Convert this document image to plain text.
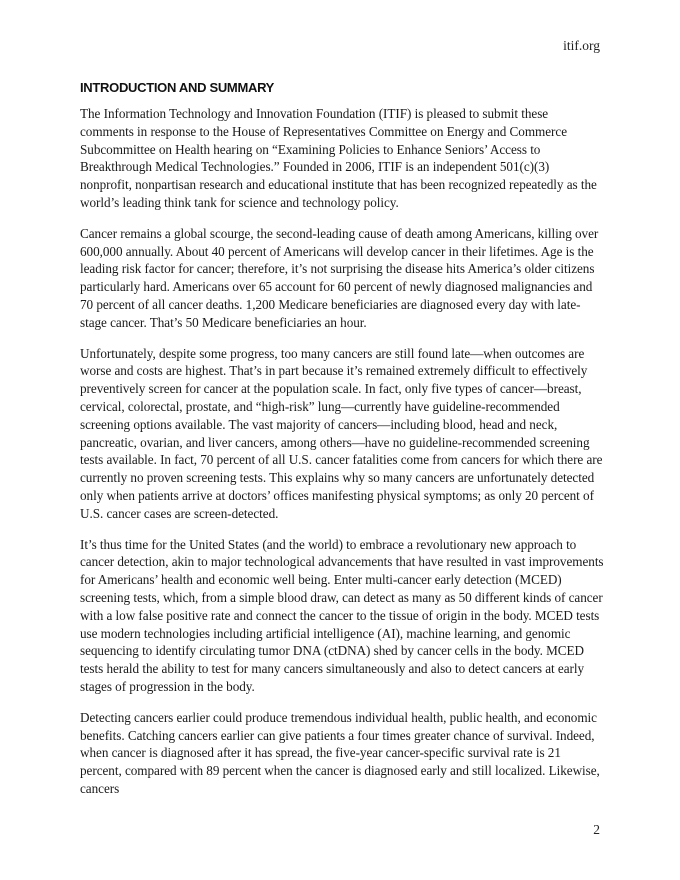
itif.org
INTRODUCTION AND SUMMARY

The Information Technology and Innovation Foundation (ITIF) is pleased to submit these comments in response to the House of Representatives Committee on Energy and Commerce Subcommittee on Health hearing on “Examining Policies to Enhance Seniors’ Access to Breakthrough Medical Technologies.” Founded in 2006, ITIF is an independent 501(c)(3) nonprofit, nonpartisan research and educational institute that has been recognized repeatedly as the world’s leading think tank for science and technology policy.

Cancer remains a global scourge, the second-leading cause of death among Americans, killing over 600,000 annually. About 40 percent of Americans will develop cancer in their lifetimes. Age is the leading risk factor for cancer; therefore, it’s not surprising the disease hits America’s older citizens particularly hard. Americans over 65 account for 60 percent of newly diagnosed malignancies and 70 percent of all cancer deaths. 1,200 Medicare beneficiaries are diagnosed every day with late-stage cancer. That’s 50 Medicare beneficiaries an hour.

Unfortunately, despite some progress, too many cancers are still found late—when outcomes are worse and costs are highest. That’s in part because it’s remained extremely difficult to effectively preventively screen for cancer at the population scale. In fact, only five types of cancer—breast, cervical, colorectal, prostate, and “high-risk” lung—currently have guideline-recommended screening options available. The vast majority of cancers—including blood, head and neck, pancreatic, ovarian, and liver cancers, among others—have no guideline-recommended screening tests available. In fact, 70 percent of all U.S. cancer fatalities come from cancers for which there are currently no proven screening tests. This explains why so many cancers are unfortunately detected only when patients arrive at doctors’ offices manifesting physical symptoms; as only 20 percent of U.S. cancer cases are screen-detected.

It’s thus time for the United States (and the world) to embrace a revolutionary new approach to cancer detection, akin to major technological advancements that have resulted in vast improvements for Americans’ health and economic well being. Enter multi-cancer early detection (MCED) screening tests, which, from a simple blood draw, can detect as many as 50 different kinds of cancer with a low false positive rate and connect the cancer to the tissue of origin in the body. MCED tests use modern technologies including artificial intelligence (AI), machine learning, and genomic sequencing to identify circulating tumor DNA (ctDNA) shed by cancer cells in the body. MCED tests herald the ability to test for many cancers simultaneously and also to detect cancers at early stages of progression in the body.

Detecting cancers earlier could produce tremendous individual health, public health, and economic benefits. Catching cancers earlier can give patients a four times greater chance of survival. Indeed, when cancer is diagnosed after it has spread, the five-year cancer-specific survival rate is 21 percent, compared with 89 percent when the cancer is diagnosed early and still localized. Likewise, cancers

2
